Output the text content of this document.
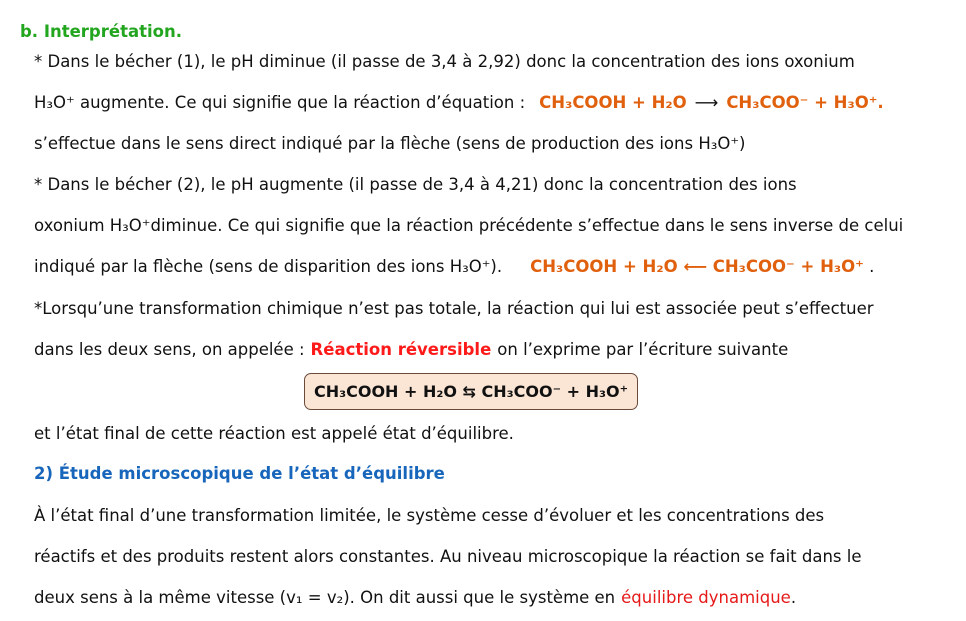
b. Interprétation.
* Dans le bécher (1), le pH diminue (il passe de 3,4 à 2,92) donc la concentration des ions oxonium
H₃O⁺ augmente. Ce qui signifie que la réaction d’équation : CH₃COOH + H₂O ⟶ CH₃COO⁻ + H₃O⁺.
s’effectue dans le sens direct indiqué par la flèche (sens de production des ions H₃O⁺)
* Dans le bécher (2), le pH augmente (il passe de 3,4 à 4,21) donc la concentration des ions
oxonium H₃O⁺diminue. Ce qui signifie que la réaction précédente s’effectue dans le sens inverse de celui
indiqué par la flèche (sens de disparition des ions H₃O⁺). CH₃COOH + H₂O ⟵ CH₃COO⁻ + H₃O⁺ .
*Lorsqu’une transformation chimique n’est pas totale, la réaction qui lui est associée peut s’effectuer
dans les deux sens, on appelée : Réaction réversible on l’exprime par l’écriture suivante
CH₃COOH + H₂O ⇆ CH₃COO⁻ + H₃O⁺
et l’état final de cette réaction est appelé état d’équilibre.
2) Étude microscopique de l’état d’équilibre
À l’état final d’une transformation limitée, le système cesse d’évoluer et les concentrations des
réactifs et des produits restent alors constantes. Au niveau microscopique la réaction se fait dans le
deux sens à la même vitesse (v₁ = v₂). On dit aussi que le système en équilibre dynamique.
